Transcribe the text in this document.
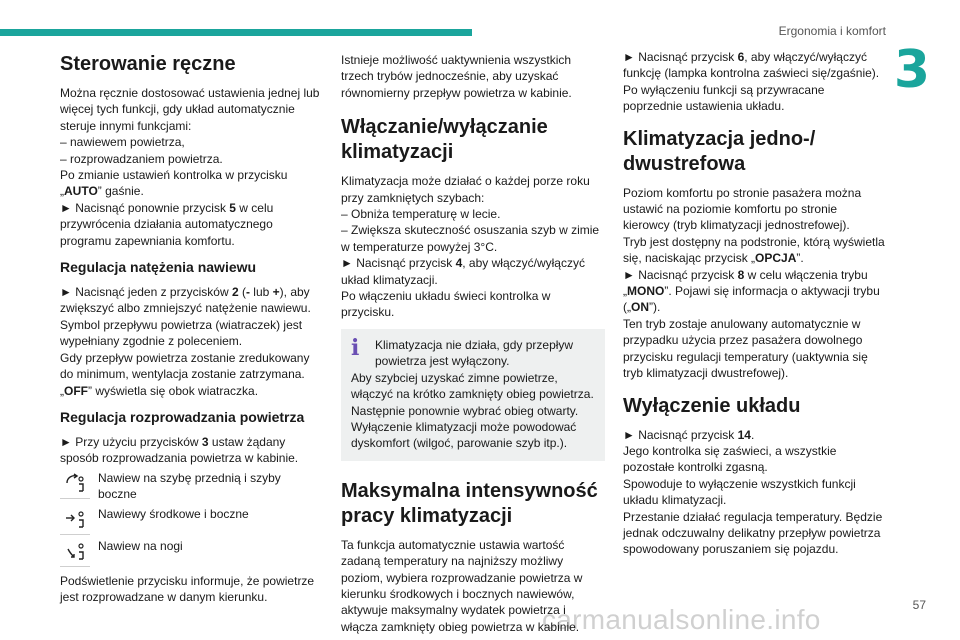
Ergonomia i komfort
3
57
carmanualsonline.info
Sterowanie ręczne

Można ręcznie dostosować ustawienia jednej lub więcej tych funkcji, gdy układ automatycznie steruje innymi funkcjami:

– nawiewem powietrza,

– rozprowadzaniem powietrza.

Po zmianie ustawień kontrolka w przycisku „AUTO” gaśnie.

► Nacisnąć ponownie przycisk 5 w celu przywrócenia działania automatycznego programu zapewniania komfortu.

Regulacja natężenia nawiewu

► Nacisnąć jeden z przycisków 2 (- lub +), aby zwiększyć albo zmniejszyć natężenie nawiewu.

Symbol przepływu powietrza (wiatraczek) jest wypełniany zgodnie z poleceniem.

Gdy przepływ powietrza zostanie zredukowany do minimum, wentylacja zostanie zatrzymana.

„OFF” wyświetla się obok wiatraczka.

Regulacja rozprowadzania powietrza

► Przy użyciu przycisków 3 ustaw żądany sposób rozprowadzania powietrza w kabinie.

Nawiew na szybę przednią i szyby boczne
Nawiewy środkowe i boczne
Nawiew na nogi

Podświetlenie przycisku informuje, że powietrze jest rozprowadzane w danym kierunku.

Istnieje możliwość uaktywnienia wszystkich trzech trybów jednocześnie, aby uzyskać równomierny przepływ powietrza w kabinie.

Włączanie/wyłączanie klimatyzacji

Klimatyzacja może działać o każdej porze roku przy zamkniętych szybach:

– Obniża temperaturę w lecie.

– Zwiększa skuteczność osuszania szyb w zimie w temperaturze powyżej 3°C.

► Nacisnąć przycisk 4, aby włączyć/wyłączyć układ klimatyzacji.

Po włączeniu układu świeci kontrolka w przycisku.

i	Klimatyzacja nie działa, gdy przepływ powietrza jest wyłączony.

Aby szybciej uzyskać zimne powietrze, włączyć na krótko zamknięty obieg powietrza. Następnie ponownie wybrać obieg otwarty.

Wyłączenie klimatyzacji może powodować dyskomfort (wilgoć, parowanie szyb itp.).

Maksymalna intensywność pracy klimatyzacji

Ta funkcja automatycznie ustawia wartość zadaną temperatury na najniższy możliwy poziom, wybiera rozprowadzanie powietrza w kierunku środkowych i bocznych nawiewów, aktywuje maksymalny wydatek powietrza i włącza zamknięty obieg powietrza w kabinie.

► Nacisnąć przycisk 6, aby włączyć/wyłączyć funkcję (lampka kontrolna zaświeci się/zgaśnie).

Po wyłączeniu funkcji są przywracane poprzednie ustawienia układu.

Klimatyzacja jedno-/ dwustrefowa

Poziom komfortu po stronie pasażera można ustawić na poziomie komfortu po stronie kierowcy (tryb klimatyzacji jednostrefowej).

Tryb jest dostępny na podstronie, którą wyświetla się, naciskając przycisk „OPCJA”.

► Nacisnąć przycisk 8 w celu włączenia trybu „MONO”. Pojawi się informacja o aktywacji trybu („ON”).

Ten tryb zostaje anulowany automatycznie w przypadku użycia przez pasażera dowolnego przycisku regulacji temperatury (uaktywnia się tryb klimatyzacji dwustrefowej).

Wyłączenie układu

► Nacisnąć przycisk 14.

Jego kontrolka się zaświeci, a wszystkie pozostałe kontrolki zgasną.

Spowoduje to wyłączenie wszystkich funkcji układu klimatyzacji.

Przestanie działać regulacja temperatury. Będzie jednak odczuwalny delikatny przepływ powietrza spowodowany poruszaniem się pojazdu.
